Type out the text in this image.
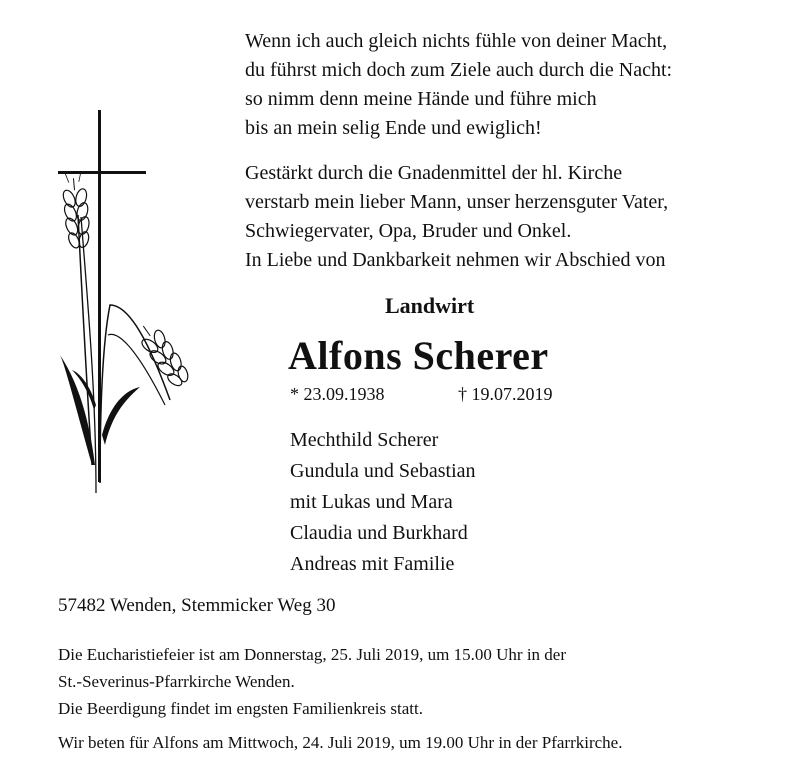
Wenn ich auch gleich nichts fühle von deiner Macht,
du führst mich doch zum Ziele auch durch die Nacht:
so nimm denn meine Hände und führe mich
bis an mein selig Ende und ewiglich!

Gestärkt durch die Gnadenmittel der hl. Kirche
verstarb mein lieber Mann, unser herzensguter Vater,
Schwiegervater, Opa, Bruder und Onkel.
In Liebe und Dankbarkeit nehmen wir Abschied von

Landwirt

Alfons Scherer
* 23.09.1938	† 19.07.2019
Mechthild Scherer
Gundula und Sebastian
mit Lukas und Mara
Claudia und Burkhard
Andreas mit Familie

57482 Wenden, Stemmicker Weg 30

Die Eucharistiefeier ist am Donnerstag, 25. Juli 2019, um 15.00 Uhr in der
St.-Severinus-Pfarrkirche Wenden.
Die Beerdigung findet im engsten Familienkreis statt.

Wir beten für Alfons am Mittwoch, 24. Juli 2019, um 19.00 Uhr in der Pfarrkirche.
